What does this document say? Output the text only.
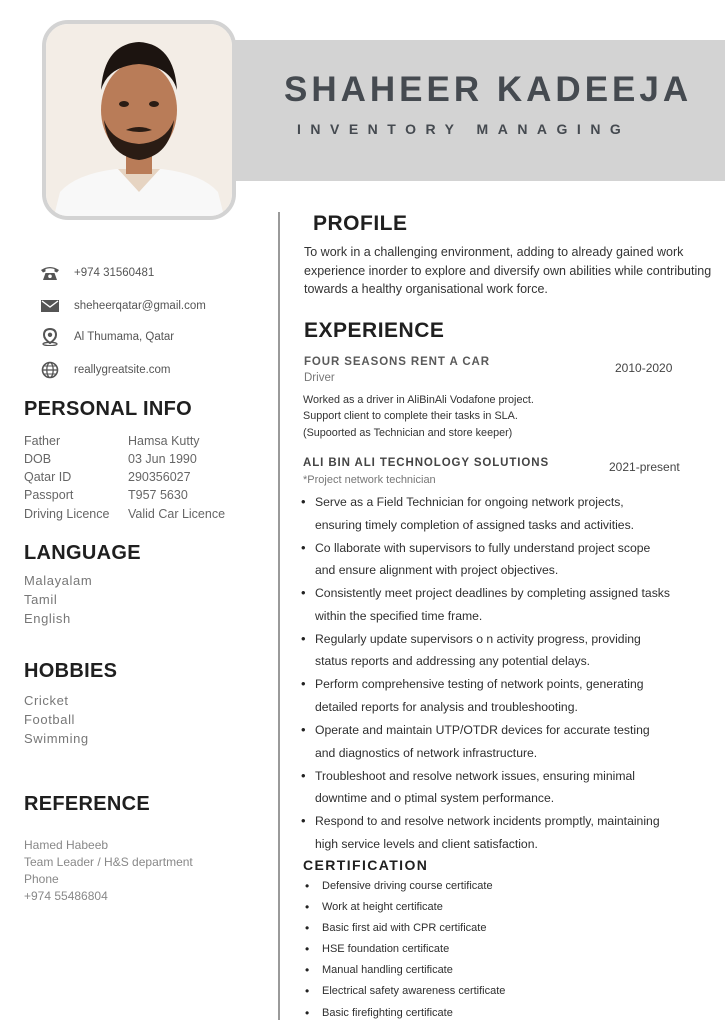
SHAHEER KADEEJA
INVENTORY MANAGING
+974 31560481
sheheerqatar@gmail.com
Al Thumama, Qatar
reallygreatsite.com
PERSONAL INFO
Father	Hamsa Kutty
DOB	03 Jun 1990
Qatar ID	290356027
Passport	T957 5630
Driving Licence Valid Car Licence
LANGUAGE
Malayalam
Tamil
English
HOBBIES
Cricket
Football
Swimming
REFERENCE
Hamed Habeeb
Team Leader / H&S department
Phone
+974 55486804
PROFILE
To work in a challenging environment, adding to already gained work experience inorder to explore and diversify own abilities while contributing towards a healthy organisational work force.
EXPERIENCE
FOUR SEASONS RENT A CAR	2010-2020
Driver
Worked as a driver in AliBinAli Vodafone project.
Support client to complete their tasks in SLA.
(Supoorted as Technician and store keeper)
ALI BIN ALI TECHNOLOGY SOLUTIONS	2021-present
*Project network technician
• Serve as a Field Technician for ongoing network projects,
ensuring timely completion of assigned tasks and activities.
• Co llaborate with supervisors to fully understand project scope
and ensure alignment with project objectives.
• Consistently meet project deadlines by completing assigned tasks
within the specified time frame.
• Regularly update supervisors o n activity progress, providing
status reports and addressing any potential delays.
• Perform comprehensive testing of network points, generating
detailed reports for analysis and troubleshooting.
• Operate and maintain UTP/OTDR devices for accurate testing
and diagnostics of network infrastructure.
• Troubleshoot and resolve network issues, ensuring minimal
downtime and o ptimal system performance.
• Respond to and resolve network incidents promptly, maintaining
high service levels and client satisfaction.
CERTIFICATION
• Defensive driving course certificate
• Work at height certificate
• Basic first aid with CPR certificate
• HSE foundation certificate
• Manual handling certificate
• Electrical safety awareness certificate
• Basic firefighting certificate
